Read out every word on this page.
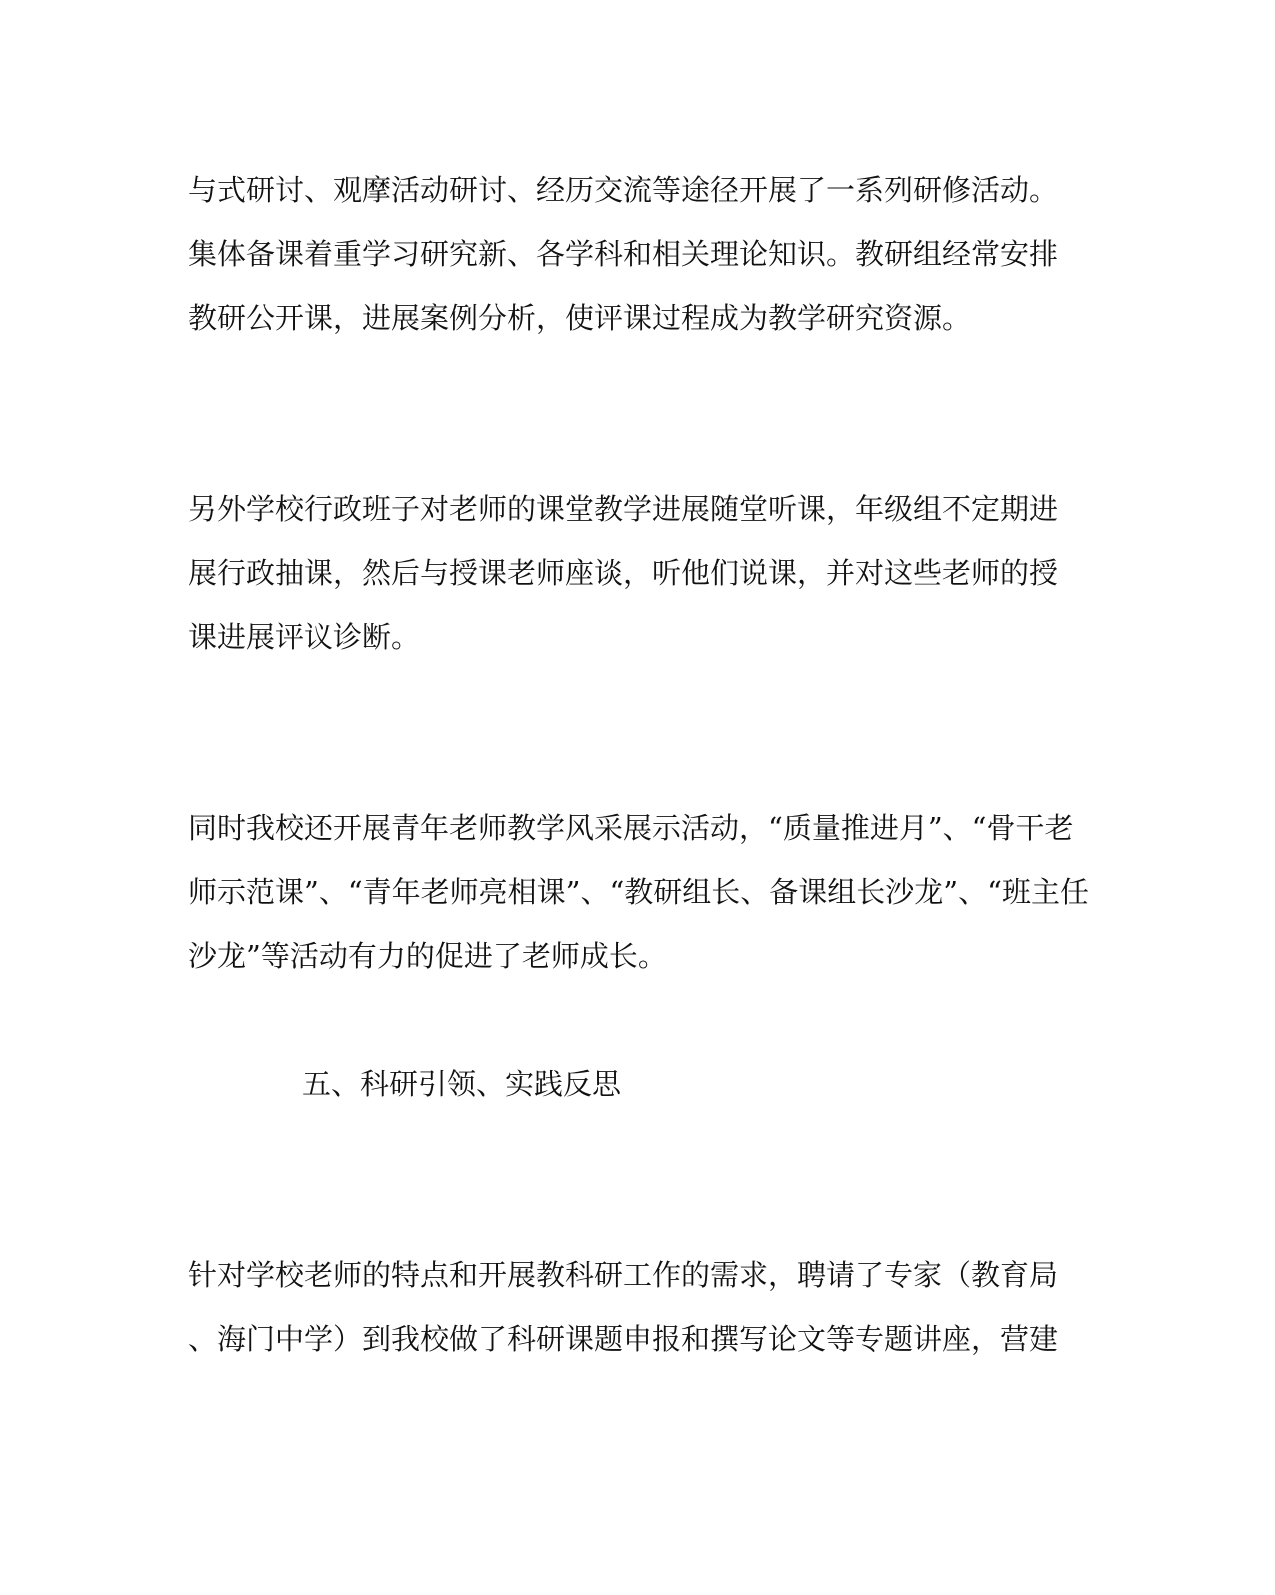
与式研讨、观摩活动研讨、经历交流等途径开展了一系列研修活动。
集体备课着重学习研究新、各学科和相关理论知识。教研组经常安排
教研公开课，进展案例分析，使评课过程成为教学研究资源。
另外学校行政班子对老师的课堂教学进展随堂听课，年级组不定期进
展行政抽课，然后与授课老师座谈，听他们说课，并对这些老师的授
课进展评议诊断。
同时我校还开展青年老师教学风采展示活动，“质量推进月”、“骨干老
师示范课”、“青年老师亮相课”、“教研组长、备课组长沙龙”、“班主任
沙龙”等活动有力的促进了老师成长。
五、科研引领、实践反思
针对学校老师的特点和开展教科研工作的需求，聘请了专家（教育局
、海门中学）到我校做了科研课题申报和撰写论文等专题讲座，营建
